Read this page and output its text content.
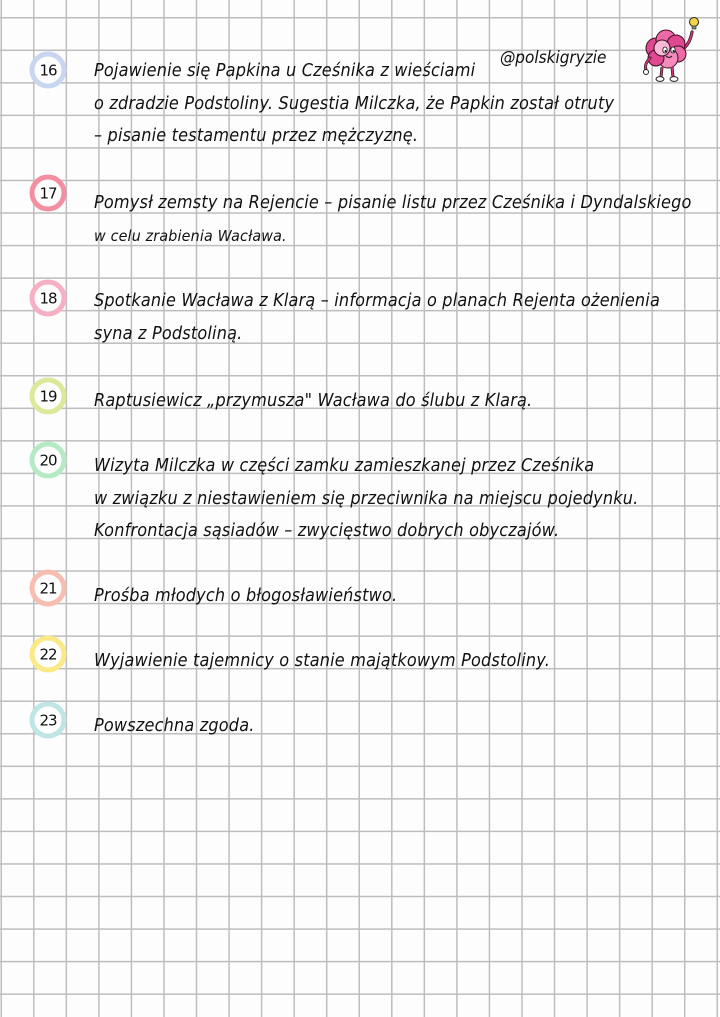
@polskigryzie
16 Pojawienie się Papkina u Cześnika z wieściami
o zdradzie Podstoliny. Sugestia Milczka, że Papkin został otruty
– pisanie testamentu przez mężczyznę.
17 Pomysł zemsty na Rejencie – pisanie listu przez Cześnika i Dyndalskiego
w celu zrabienia Wacława.
18 Spotkanie Wacława z Klarą – informacja o planach Rejenta ożenienia
syna z Podstoliną.
19 Raptusiewicz „przymusza" Wacława do ślubu z Klarą.
20 Wizyta Milczka w części zamku zamieszkanej przez Cześnika
w związku z niestawieniem się przeciwnika na miejscu pojedynku.
Konfrontacja sąsiadów – zwycięstwo dobrych obyczajów.
21 Prośba młodych o błogosławieństwo.
22 Wyjawienie tajemnicy o stanie majątkowym Podstoliny.
23 Powszechna zgoda.
